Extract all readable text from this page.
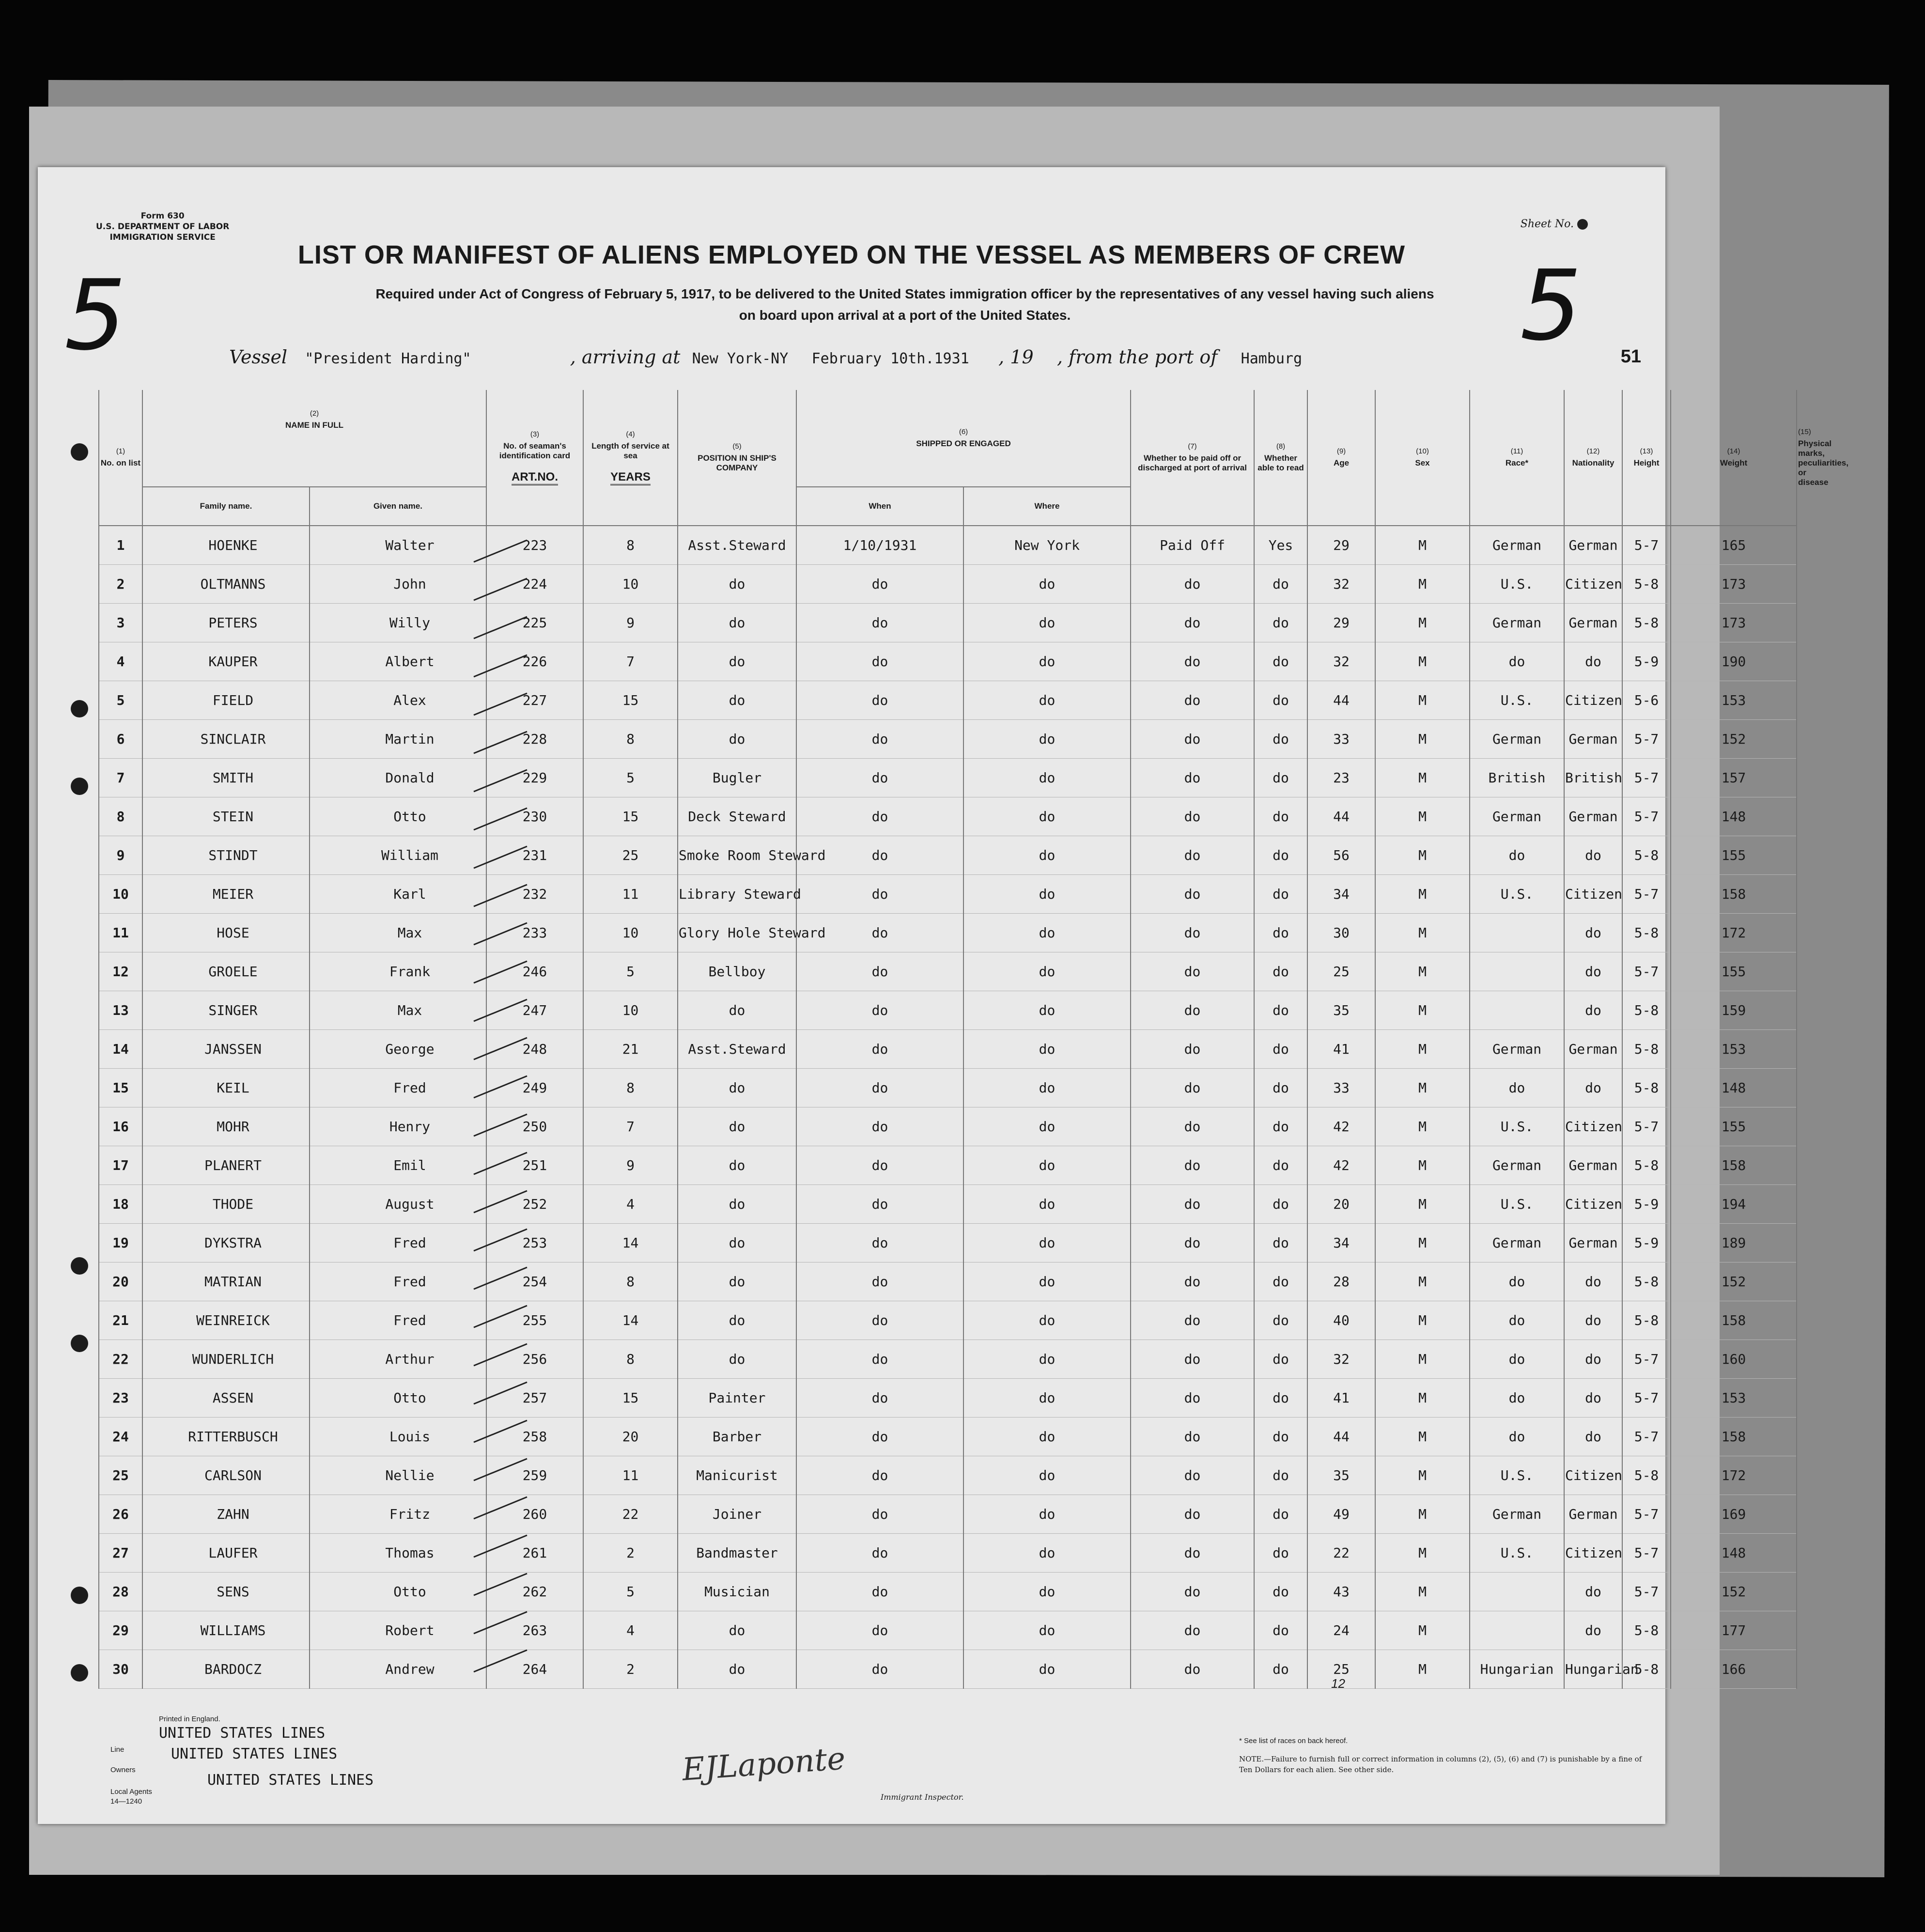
Form 630
U.S. DEPARTMENT OF LABOR
IMMIGRATION SERVICE
Sheet No.
LIST OR MANIFEST OF ALIENS EMPLOYED ON THE VESSEL AS MEMBERS OF CREW
Required under Act of Congress of February 5, 1917, to be delivered to the United States immigration officer by the representatives of any vessel having such aliens
on board upon arrival at a port of the United States.
5	5 51
Vessel "President Harding"	, arriving at New York-NY February 10th.1931 , 19 , from the port of Hamburg
(1)
No. on list	(2)
NAME IN FULL		(3)
No. of seaman's identification card

ART.NO.	(4)
Length of service at sea

YEARS	(5)
POSITION IN SHIP'S COMPANY	(6)
SHIPPED OR ENGAGED		(7)
Whether to be paid off or discharged at port of arrival	(8)
Whether able to read	(9)
Age	(10)
Sex	(11)
Race*	(12)
Nationality	(13)
Height	(14)
Weight	Physical marks, peculiarities, or disease
	Family name.	Given name.				When	Where									
1	HOENKE	Walter	223	8	Asst.Steward	1/10/1931	New York	Paid Off	Yes	29	M	German	German	5-7	165	
2	OLTMANNS	John	224	10	do	do	do	do	do	32	M	U.S.	Citizen	5-8	173	
3	PETERS	Willy	225	9	do	do	do	do	do	29	M	German	German	5-8	173	
4	KAUPER	Albert	226	7	do	do	do	do	do	32	M	do	do	5-9	190	
5	FIELD	Alex	227	15	do	do	do	do	do	44	M	U.S.	Citizen	5-6	153	
6	SINCLAIR	Martin	228	8	do	do	do	do	do	33	M	German	German	5-7	152	
7	SMITH	Donald	229	5	Bugler	do	do	do	do	23	M	British	British	5-7	157	
8	STEIN	Otto	230	15	Deck Steward	do	do	do	do	44	M	German	German	5-7	148	
9	STINDT	William	231	25	Smoke Room Steward	do	do	do	do	56	M	do	do	5-8	155	
10	MEIER	Karl	232	11	Library Steward	do	do	do	do	34	M	U.S.	Citizen	5-7	158	
11	HOSE	Max	233	10	Glory Hole Steward	do	do	do	do	30	M		do	5-8	172	
12	GROELE	Frank	246	5	Bellboy	do	do	do	do	25	M		do	5-7	155	
13	SINGER	Max	247	10	do	do	do	do	do	35	M		do	5-8	159	
14	JANSSEN	George	248	21	Asst.Steward	do	do	do	do	41	M	German	German	5-8	153	
15	KEIL	Fred	249	8	do	do	do	do	do	33	M	do	do	5-8	148	
16	MOHR	Henry	250	7	do	do	do	do	do	42	M	U.S.	Citizen	5-7	155	
17	PLANERT	Emil	251	9	do	do	do	do	do	42	M	German	German	5-8	158	
18	THODE	August	252	4	do	do	do	do	do	20	M	U.S.	Citizen	5-9	194	
19	DYKSTRA	Fred	253	14	do	do	do	do	do	34	M	German	German	5-9	189	
20	MATRIAN	Fred	254	8	do	do	do	do	do	28	M	do	do	5-8	152	
21	WEINREICK	Fred	255	14	do	do	do	do	do	40	M	do	do	5-8	158	
22	WUNDERLICH	Arthur	256	8	do	do	do	do	do	32	M	do	do	5-7	160	
23	ASSEN	Otto	257	15	Painter	do	do	do	do	41	M	do	do	5-7	153	
24	RITTERBUSCH	Louis	258	20	Barber	do	do	do	do	44	M	do	do	5-7	158	
25	CARLSON	Nellie	259	11	Manicurist	do	do	do	do	35	M	U.S.	Citizen	5-8	172	
26	ZAHN	Fritz	260	22	Joiner	do	do	do	do	49	M	German	German	5-7	169	
27	LAUFER	Thomas	261	2	Bandmaster	do	do	do	do	22	M	U.S.	Citizen	5-7	148	
28	SENS	Otto	262	5	Musician	do	do	do	do	43	M		do	5-7	152	
29	WILLIAMS	Robert	263	4	do	do	do	do	do	24	M		do	5-8	177	
30	BARDOCZ	Andrew	264	2	do	do	do	do	do	25	M	Hungarian	Hungarian	5-8	166	
Printed in England.
UNITED STATES LINES
Line	UNITED STATES LINES
Owners
UNITED STATES LINES
Local Agents
14—1240
EJLaponte
Immigrant Inspector.
* See list of races on back hereof.
NOTE.—Failure to furnish full or correct information in columns (2), (5), (6) and (7) is punishable by a fine of Ten Dollars for each alien. See other side.
12
